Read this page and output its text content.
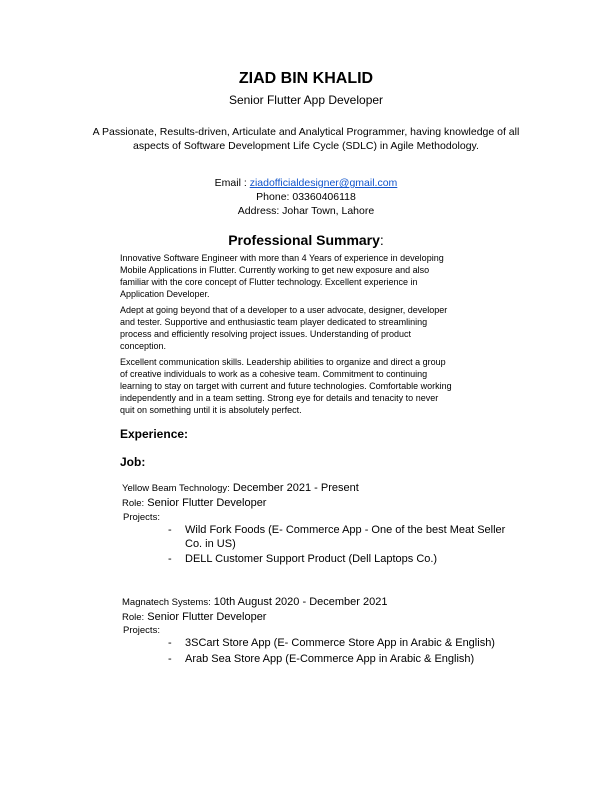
ZIAD BIN KHALID
Senior Flutter App Developer
A Passionate, Results-driven, Articulate and Analytical Programmer, having knowledge of all
aspects of Software Development Life Cycle (SDLC) in Agile Methodology.
Email : ziadofficialdesigner@gmail.com
Phone: 03360406118
Address: Johar Town, Lahore
Professional Summary:
Innovative Software Engineer with more than 4 Years of experience in developing
Mobile Applications in Flutter. Currently working to get new exposure and also
familiar with the core concept of Flutter technology. Excellent experience in
Application Developer.
Adept at going beyond that of a developer to a user advocate, designer, developer
and tester. Supportive and enthusiastic team player dedicated to streamlining
process and efficiently resolving project issues. Understanding of product
conception.
Excellent communication skills. Leadership abilities to organize and direct a group
of creative individuals to work as a cohesive team. Commitment to continuing
learning to stay on target with current and future technologies. Comfortable working
independently and in a team setting. Strong eye for details and tenacity to never
quit on something until it is absolutely perfect.
Experience:
Job:
Yellow Beam Technology: December 2021 - Present
Role: Senior Flutter Developer
Projects:
- Wild Fork Foods (E- Commerce App - One of the best Meat Seller
Co. in US)
- DELL Customer Support Product (Dell Laptops Co.)
Magnatech Systems: 10th August 2020 - December 2021
Role: Senior Flutter Developer
Projects:
- 3SCart Store App (E- Commerce Store App in Arabic & English)
- Arab Sea Store App (E-Commerce App in Arabic & English)
